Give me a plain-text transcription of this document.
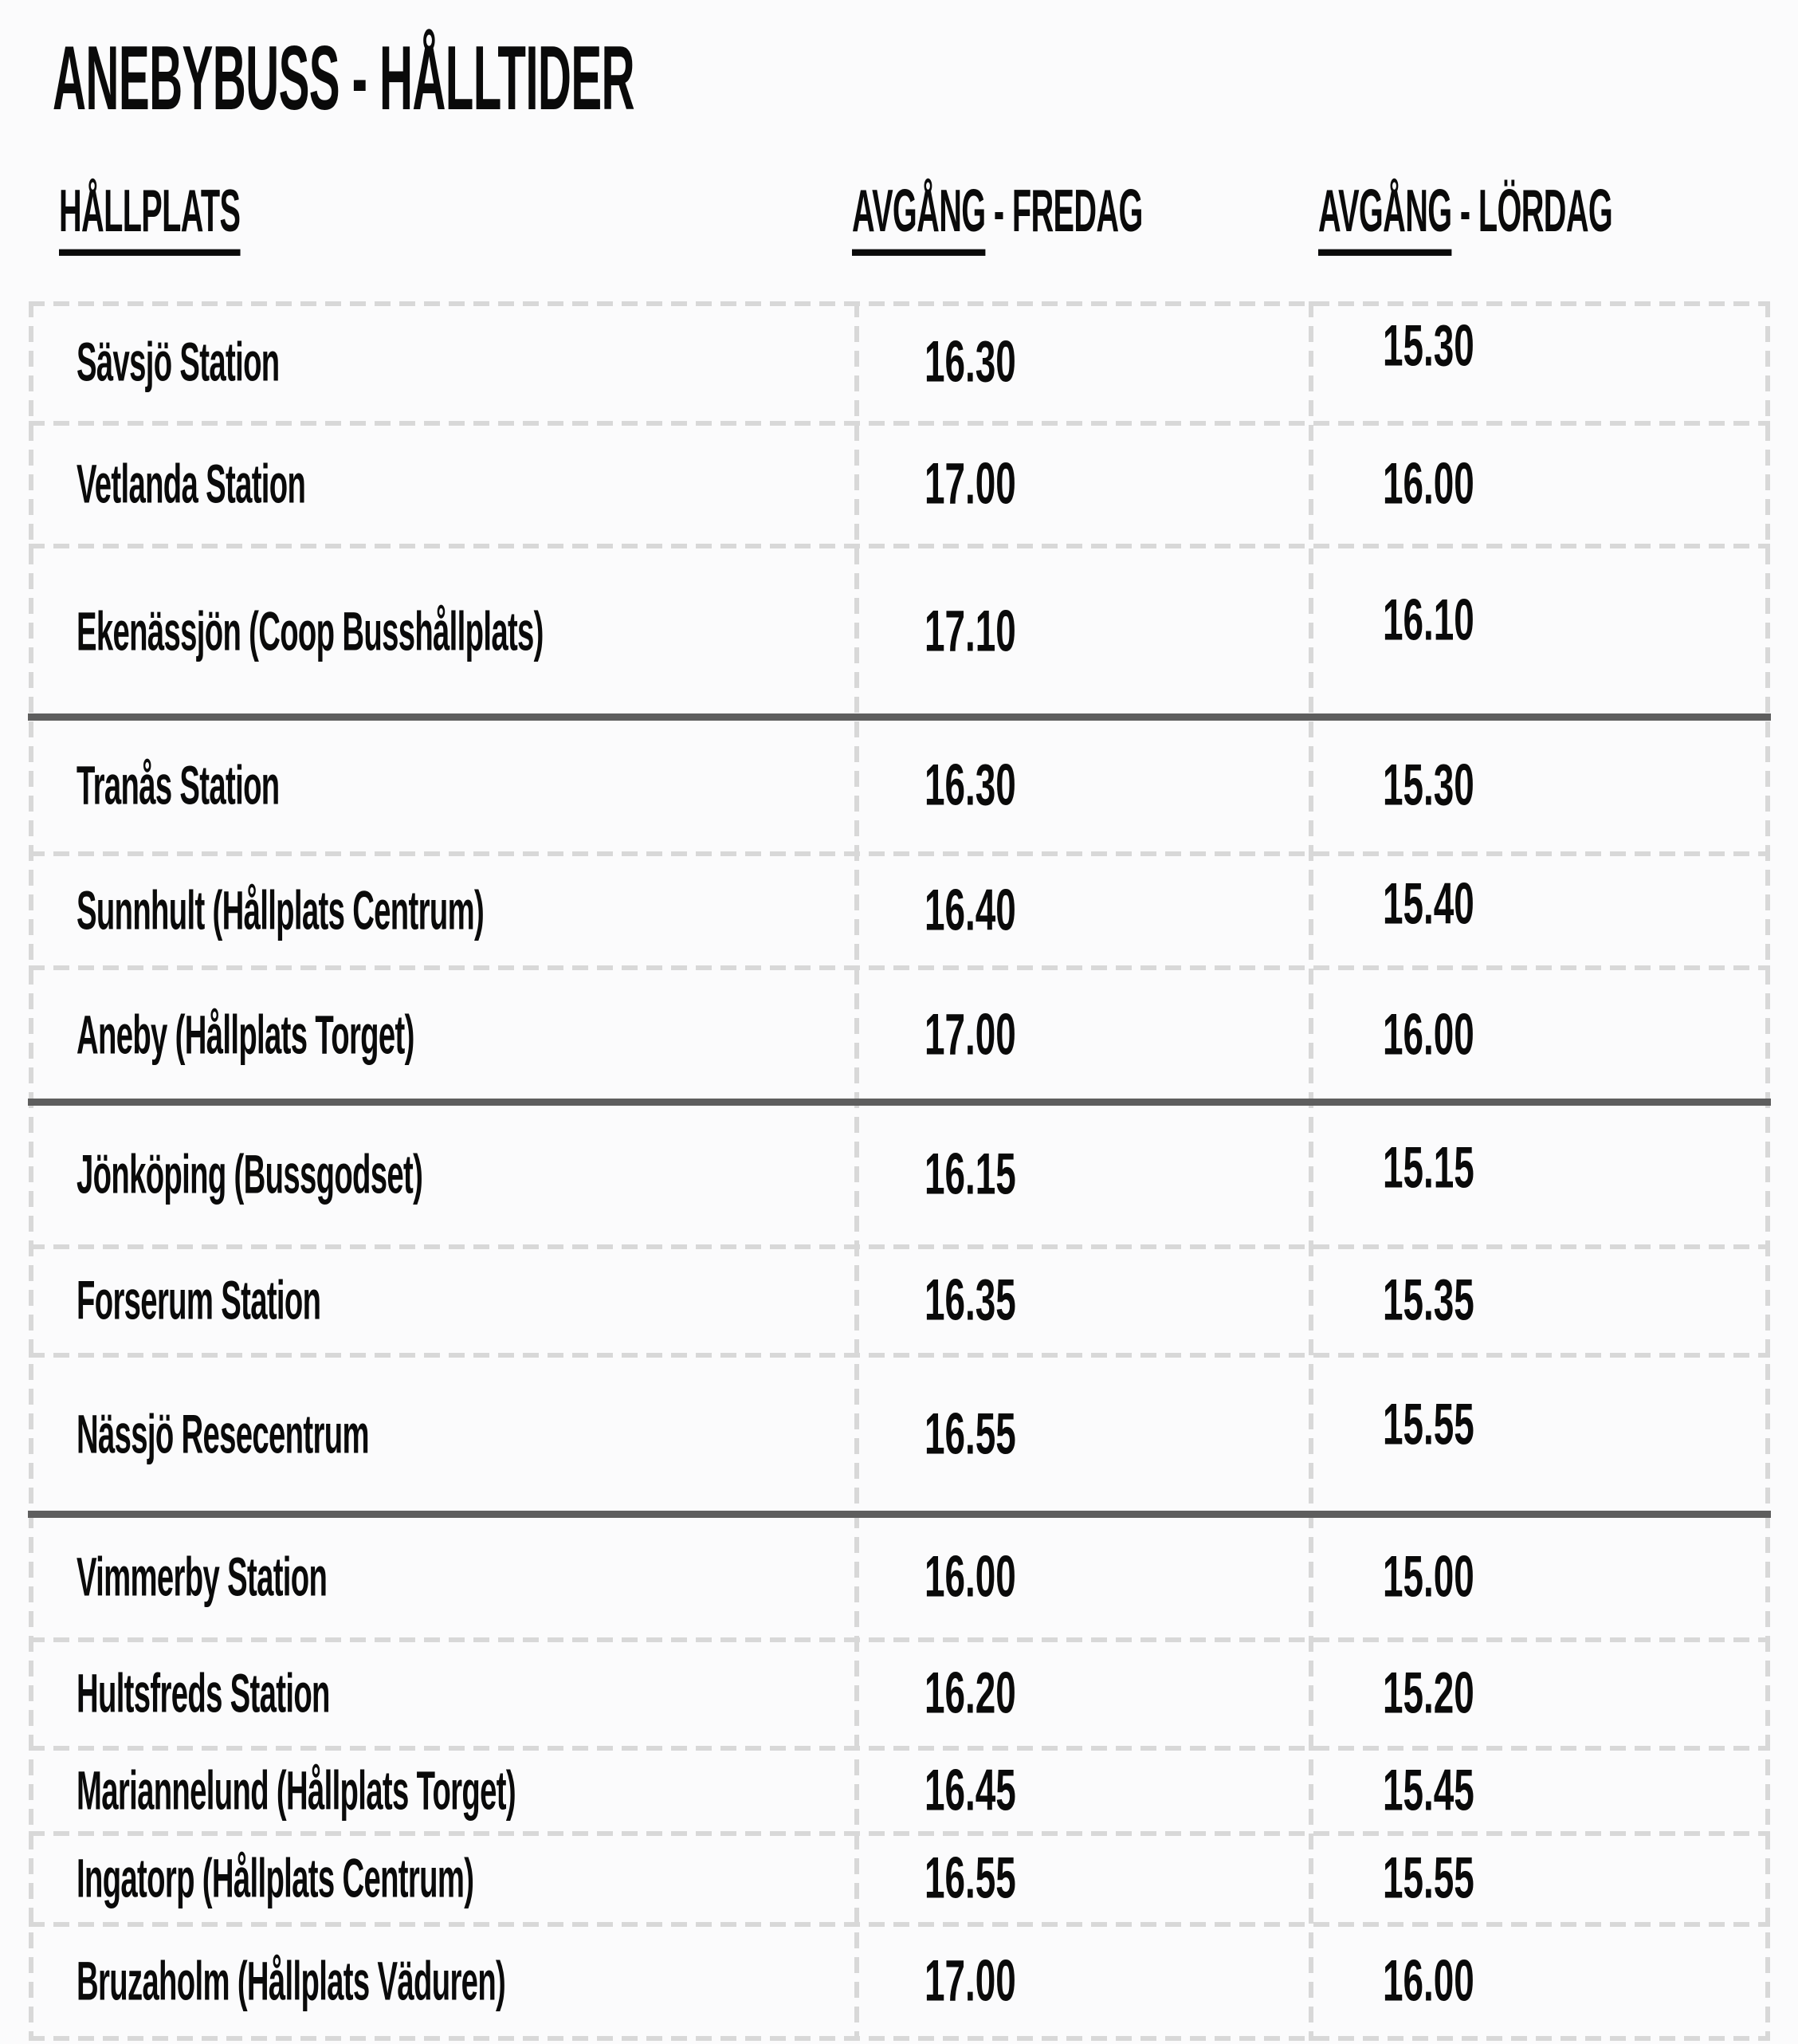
ANEBYBUSS - HÅLLTIDER
HÅLLPLATS	AVGÅNG - FREDAG	AVGÅNG - LÖRDAG
Sävsjö Station	16.30	15.30
Vetlanda Station	17.00	16.00
Ekenässjön (Coop Busshållplats)	17.10	16.10
Tranås Station	16.30	15.30
Sunnhult (Hållplats Centrum)	16.40	15.40
Aneby (Hållplats Torget)	17.00	16.00
Jönköping (Bussgodset)	16.15	15.15
Forserum Station	16.35	15.35
Nässjö Resecentrum	16.55	15.55
Vimmerby Station	16.00	15.00
Hultsfreds Station	16.20	15.20
Mariannelund (Hållplats Torget)	16.45	15.45
Ingatorp (Hållplats Centrum)	16.55	15.55
Bruzaholm (Hållplats Väduren)	17.00	16.00
